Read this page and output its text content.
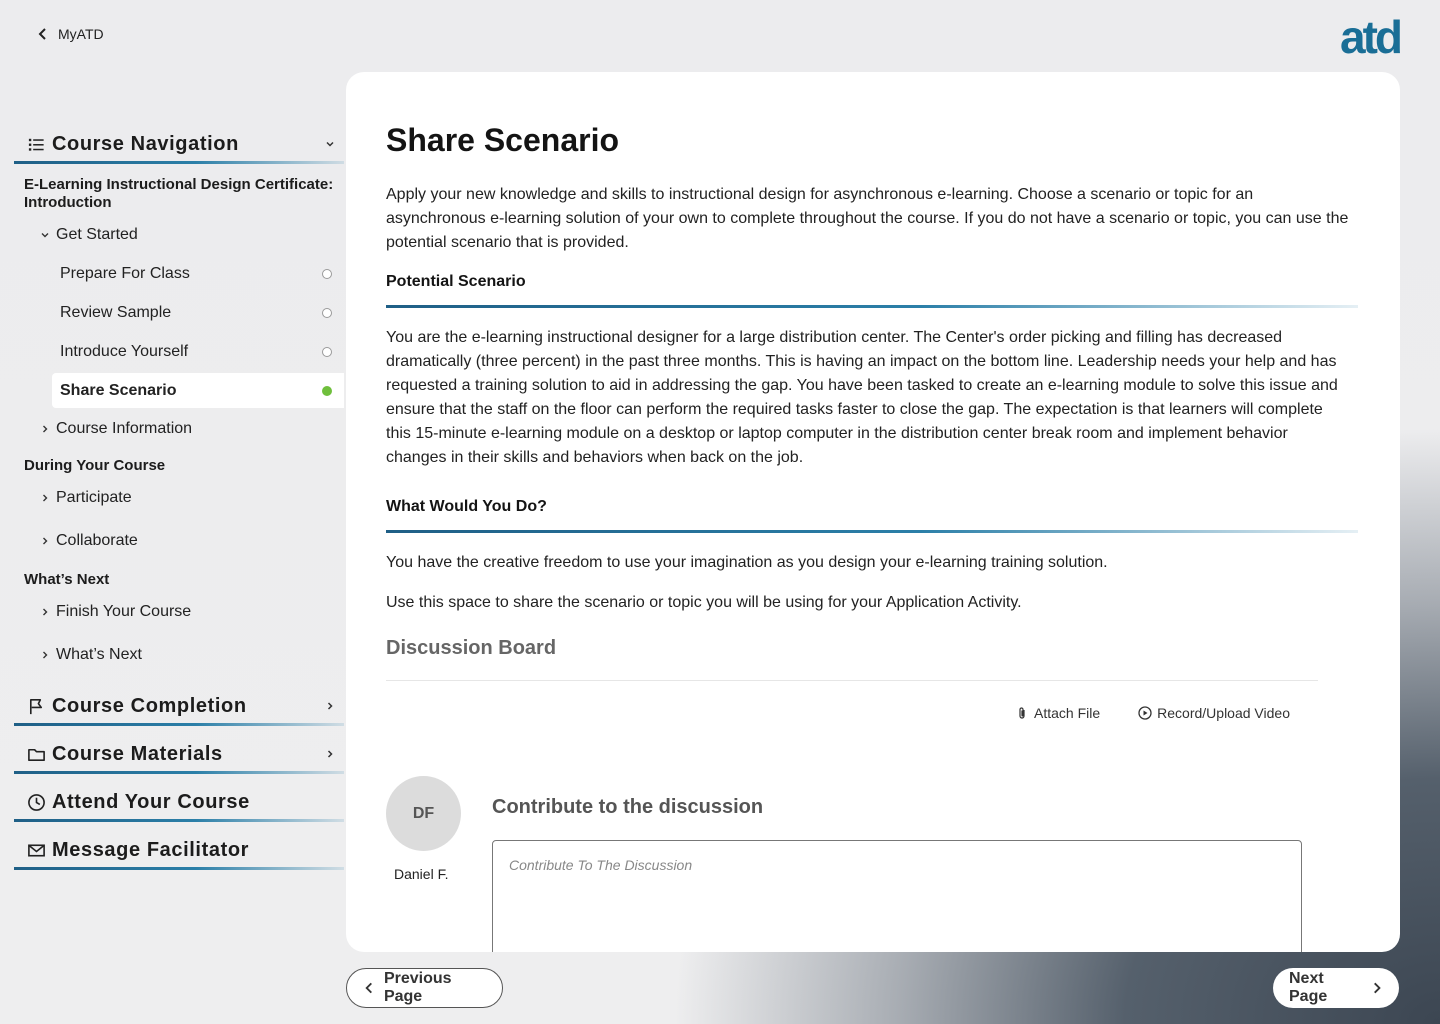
MyATD	atd
Course Navigation
E-Learning Instructional Design Certificate: Introduction
Get Started
Prepare For Class
Review Sample
Introduce Yourself
Share Scenario
Course Information
During Your Course
Participate
Collaborate
What’s Next
Finish Your Course
What’s Next
Course Completion
Course Materials
Attend Your Course
Message Facilitator
Share Scenario

Apply your new knowledge and skills to instructional design for asynchronous e-learning. Choose a scenario or topic for an asynchronous e-learning solution of your own to complete throughout the course. If you do not have a scenario or topic, you can use the potential scenario that is provided.

Potential Scenario

You are the e-learning instructional designer for a large distribution center. The Center's order picking and filling has decreased dramatically (three percent) in the past three months. This is having an impact on the bottom line. Leadership needs your help and has requested a training solution to aid in addressing the gap. You have been tasked to create an e-learning module to solve this issue and ensure that the staff on the floor can perform the required tasks faster to close the gap. The expectation is that learners will complete this 15-minute e-learning module on a desktop or laptop computer in the distribution center break room and implement behavior changes in their skills and behaviors when back on the job.

What Would You Do?

You have the creative freedom to use your imagination as you design your e-learning training solution.

Use this space to share the scenario or topic you will be using for your Application Activity.

Discussion Board
Attach File	Record/Upload Video
DF
Daniel F.
Contribute to the discussion
Contribute To The Discussion
Previous Page
Next Page
